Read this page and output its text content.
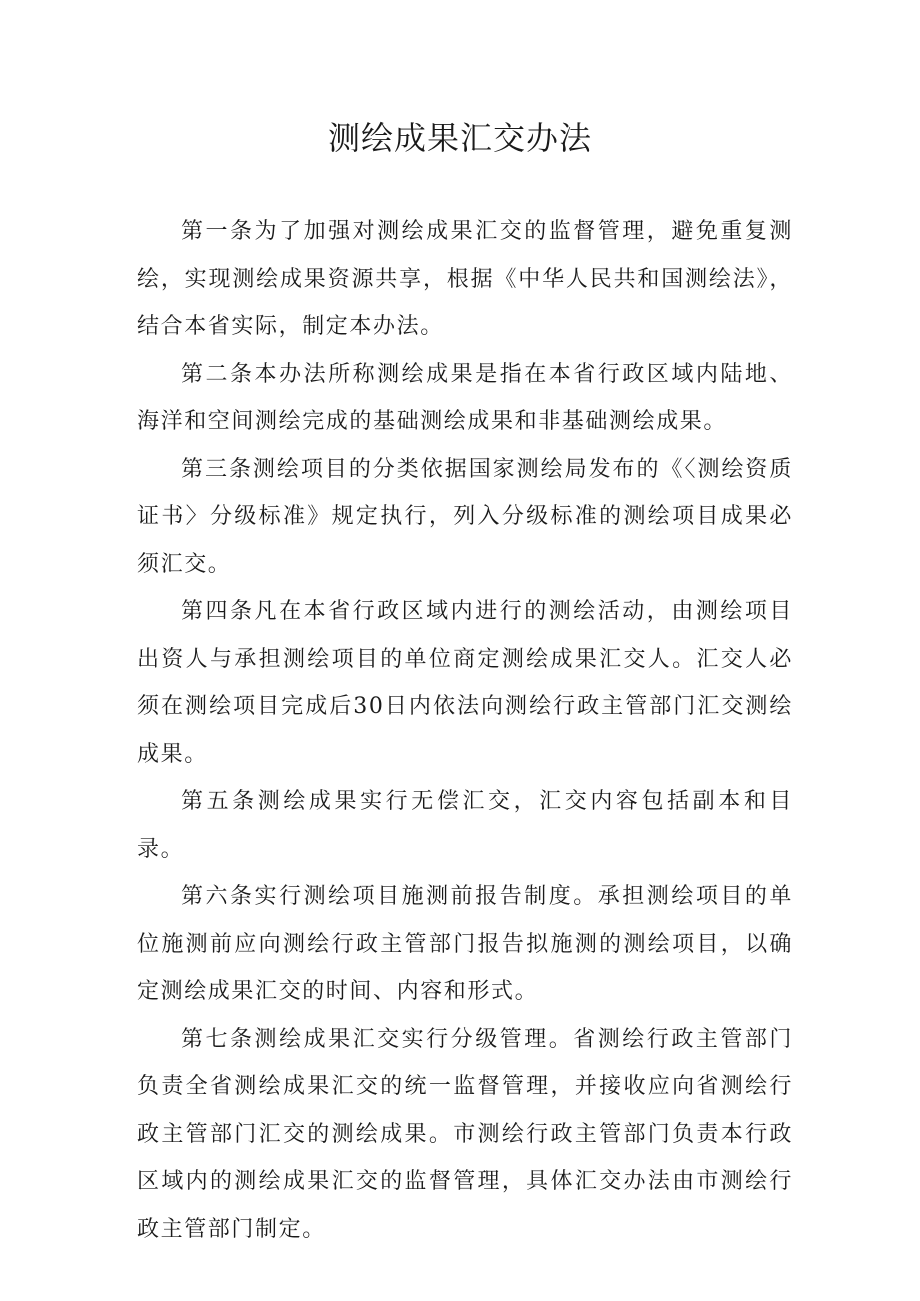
测绘成果汇交办法

第一条为了加强对测绘成果汇交的监督管理，避免重复测绘，实现测绘成果资源共享，根据《中华人民共和国测绘法》，结合本省实际，制定本办法。

第二条本办法所称测绘成果是指在本省行政区域内陆地、海洋和空间测绘完成的基础测绘成果和非基础测绘成果。

第三条测绘项目的分类依据国家测绘局发布的《〈测绘资质证书〉分级标准》规定执行，列入分级标准的测绘项目成果必须汇交。

第四条凡在本省行政区域内进行的测绘活动，由测绘项目出资人与承担测绘项目的单位商定测绘成果汇交人。汇交人必须在测绘项目完成后30日内依法向测绘行政主管部门汇交测绘成果。

第五条测绘成果实行无偿汇交，汇交内容包括副本和目录。

第六条实行测绘项目施测前报告制度。承担测绘项目的单位施测前应向测绘行政主管部门报告拟施测的测绘项目，以确定测绘成果汇交的时间、内容和形式。

第七条测绘成果汇交实行分级管理。省测绘行政主管部门负责全省测绘成果汇交的统一监督管理，并接收应向省测绘行政主管部门汇交的测绘成果。市测绘行政主管部门负责本行政区域内的测绘成果汇交的监督管理，具体汇交办法由市测绘行政主管部门制定。
